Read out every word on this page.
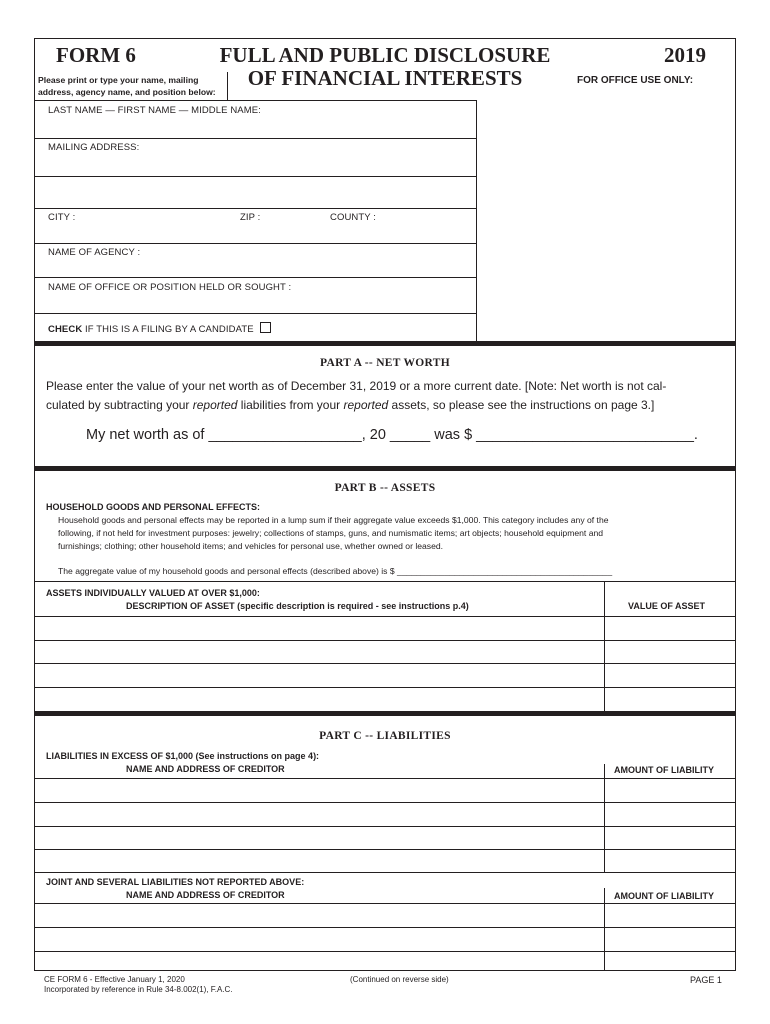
FORM 6	FULL AND PUBLIC DISCLOSURE
OF FINANCIAL INTERESTS
2019
Please print or type your name, mailing address, agency name, and position below:
FOR OFFICE USE ONLY:
LAST NAME — FIRST NAME — MIDDLE NAME:
MAILING ADDRESS:
CITY :	ZIP :	COUNTY :
NAME OF AGENCY :
NAME OF OFFICE OR POSITION HELD OR SOUGHT :
CHECK IF THIS IS A FILING BY A CANDIDATE
PART A -- NET WORTH
Please enter the value of your net worth as of December 31, 2019 or a more current date. [Note: Net worth is not cal-
culated by subtracting your reported liabilities from your reported assets, so please see the instructions on page 3.]
My net worth as of ___________________, 20 _____ was $ ___________________________.
PART B -- ASSETS
HOUSEHOLD GOODS AND PERSONAL EFFECTS:
Household goods and personal effects may be reported in a lump sum if their aggregate value exceeds $1,000. This category includes any of the
following, if not held for investment purposes: jewelry; collections of stamps, guns, and numismatic items; art objects; household equipment and
furnishings; clothing; other household items; and vehicles for personal use, whether owned or leased.
The aggregate value of my household goods and personal effects (described above) is $ _____________________________________________
ASSETS INDIVIDUALLY VALUED AT OVER $1,000:
DESCRIPTION OF ASSET (specific description is required - see instructions p.4)	VALUE OF ASSET
PART C -- LIABILITIES
LIABILITIES IN EXCESS OF $1,000 (See instructions on page 4):
NAME AND ADDRESS OF CREDITOR	AMOUNT OF LIABILITY
JOINT AND SEVERAL LIABILITIES NOT REPORTED ABOVE:
NAME AND ADDRESS OF CREDITOR	AMOUNT OF LIABILITY
CE FORM 6 - Effective January 1, 2020
Incorporated by reference in Rule 34-8.002(1), F.A.C.
(Continued on reverse side)	PAGE 1
